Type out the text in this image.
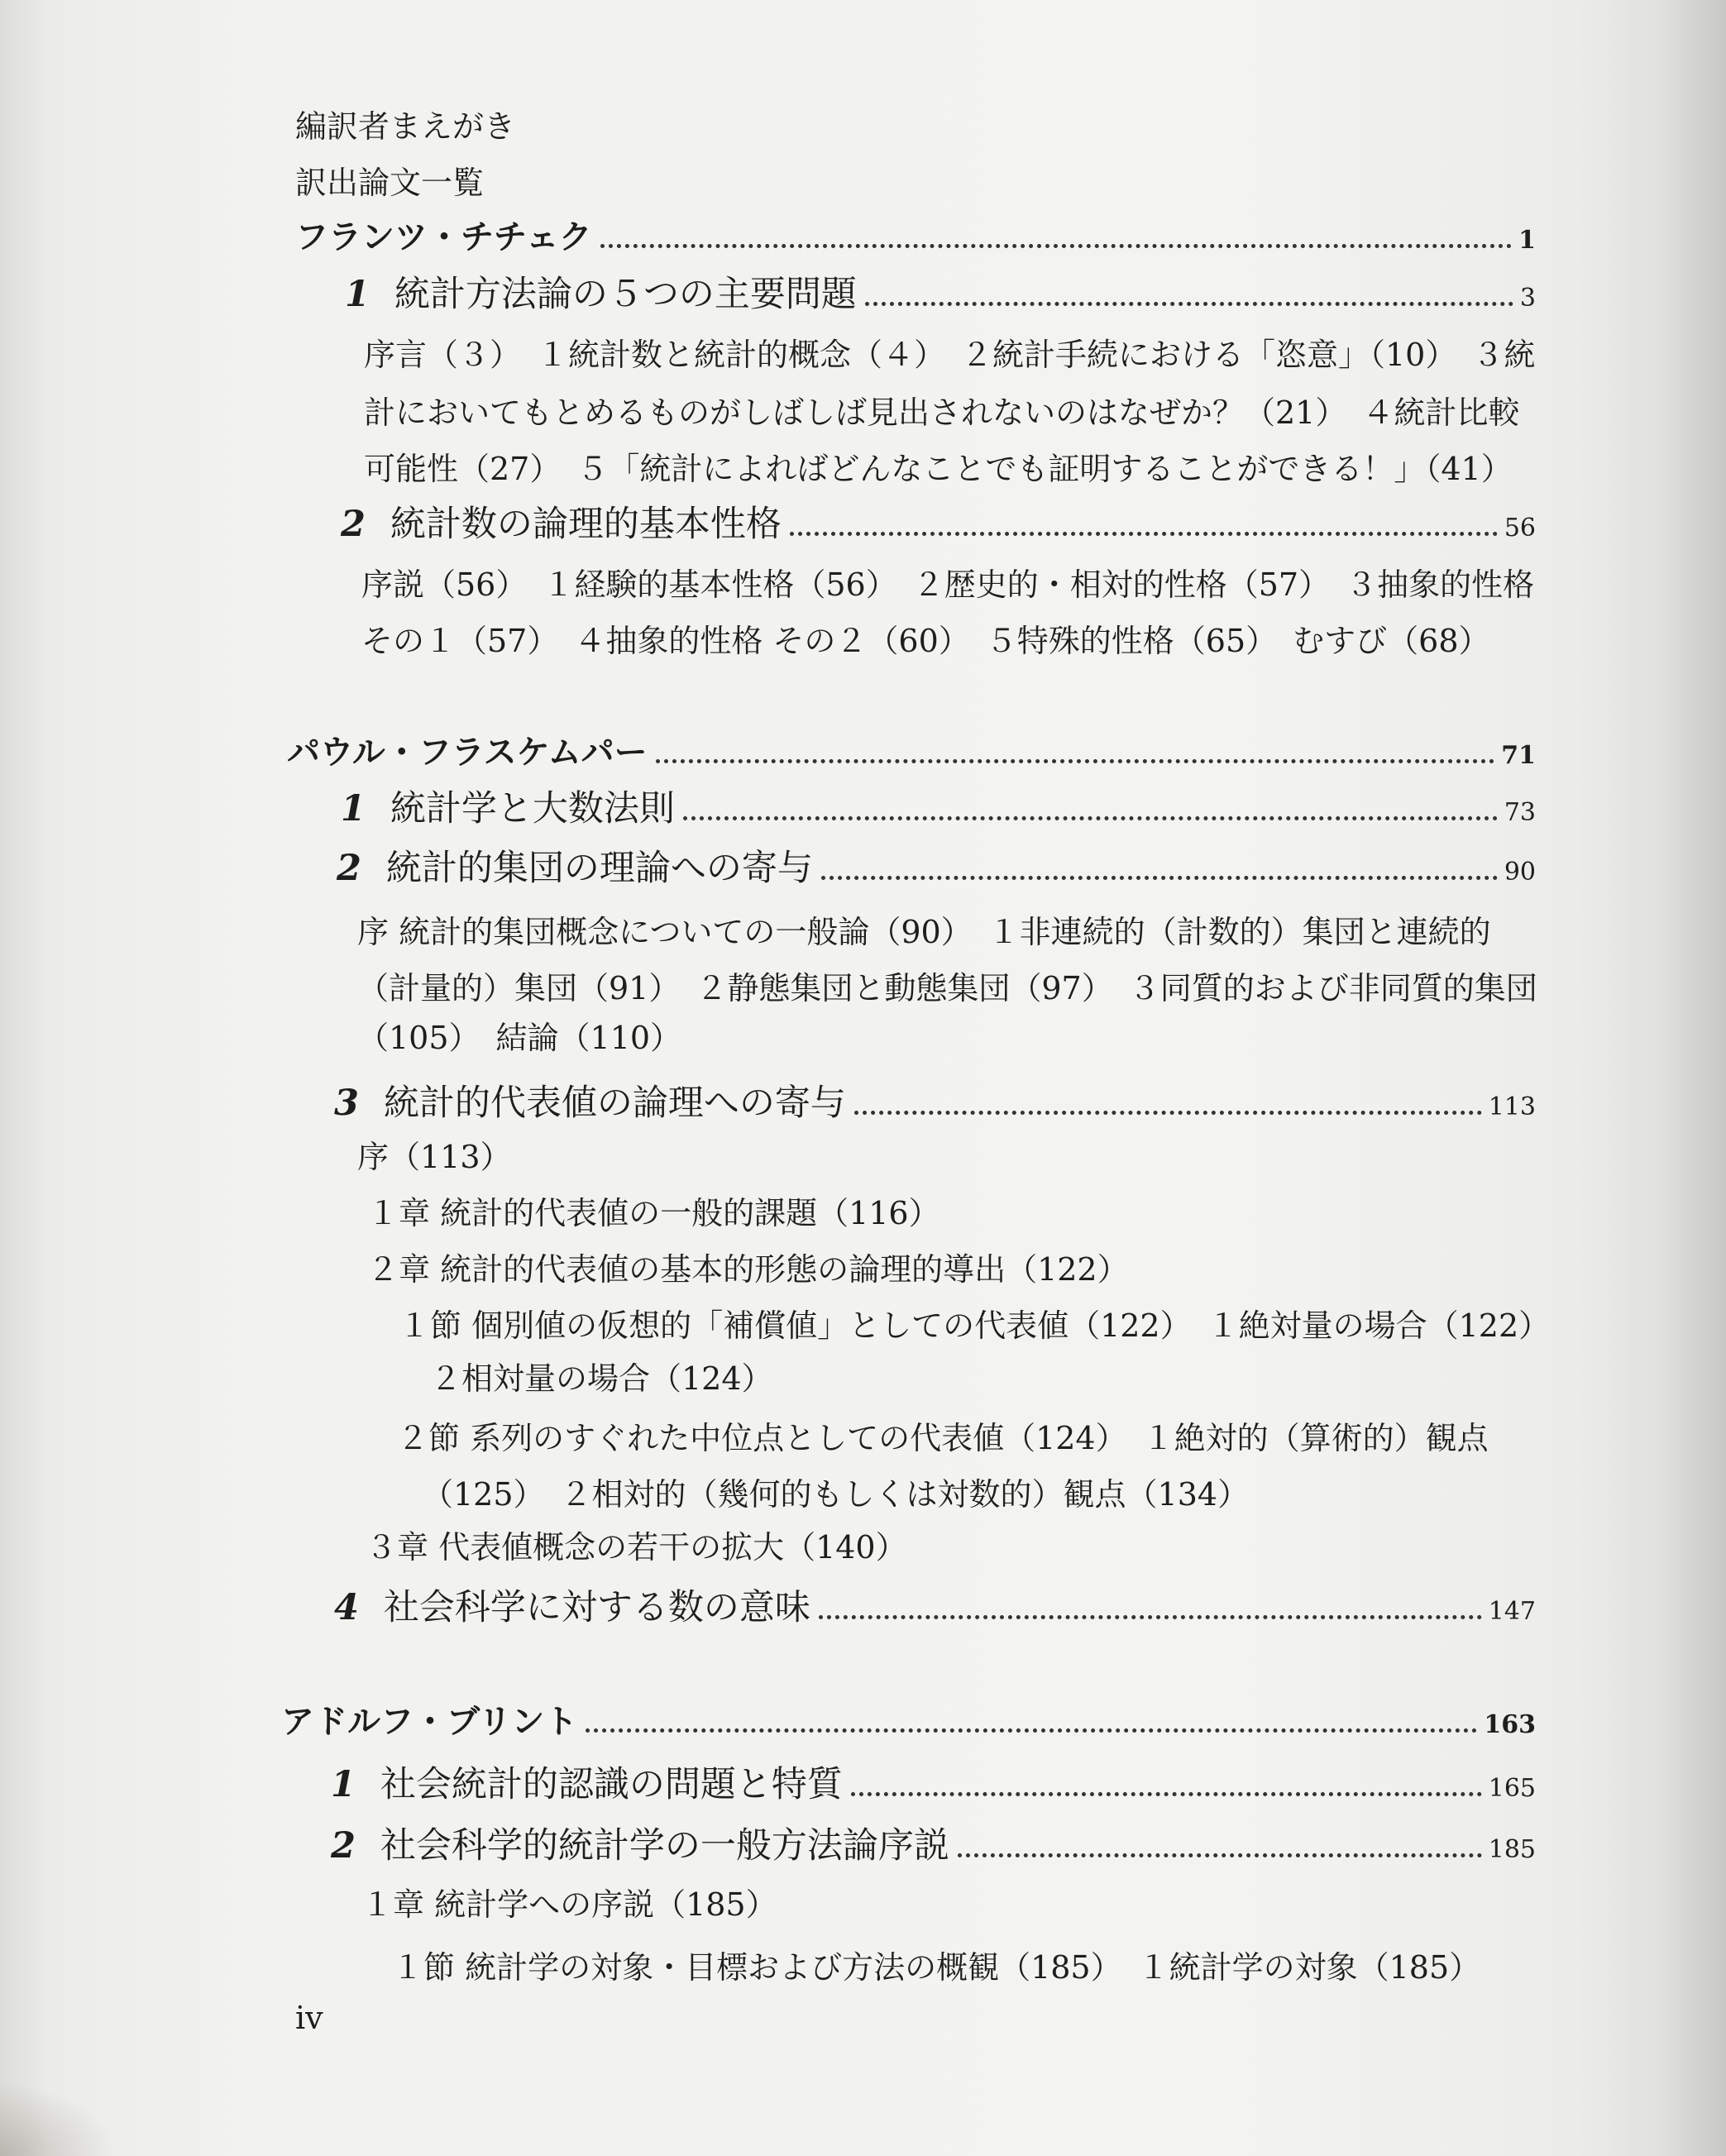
編訳者まえがき
訳出論文一覧
フランツ・チチェク	1
1 統計方法論の５つの主要問題	3
序言（３）　１統計数と統計的概念（４）　２統計手続における「恣意」（10）　３統
計においてもとめるものがしばしば見出されないのはなぜか？（21）　４統計比較
可能性（27）　５「統計によればどんなことでも証明することができる！」（41）
2 統計数の論理的基本性格	56
序説（56）　１経験的基本性格（56）　２歴史的・相対的性格（57）　３抽象的性格
その１（57）　４抽象的性格 その２（60）　５特殊的性格（65）　むすび（68）
パウル・フラスケムパー	71
1 統計学と大数法則	73
2 統計的集団の理論への寄与	90
序 統計的集団概念についての一般論（90）　１非連続的（計数的）集団と連続的
（計量的）集団（91）　２静態集団と動態集団（97）　３同質的および非同質的集団
（105）　結論（110）
3 統計的代表値の論理への寄与	113
序（113）
１章 統計的代表値の一般的課題（116）
２章 統計的代表値の基本的形態の論理的導出（122）
１節 個別値の仮想的「補償値」としての代表値（122）　１絶対量の場合（122）
２相対量の場合（124）
２節 系列のすぐれた中位点としての代表値（124）　１絶対的（算術的）観点
（125）　２相対的（幾何的もしくは対数的）観点（134）
３章 代表値概念の若干の拡大（140）
4 社会科学に対する数の意味	147
アドルフ・ブリント	163
1 社会統計的認識の問題と特質	165
2 社会科学的統計学の一般方法論序説	185
１章 統計学への序説（185）
１節 統計学の対象・目標および方法の概観（185）　１統計学の対象（185）
iv
